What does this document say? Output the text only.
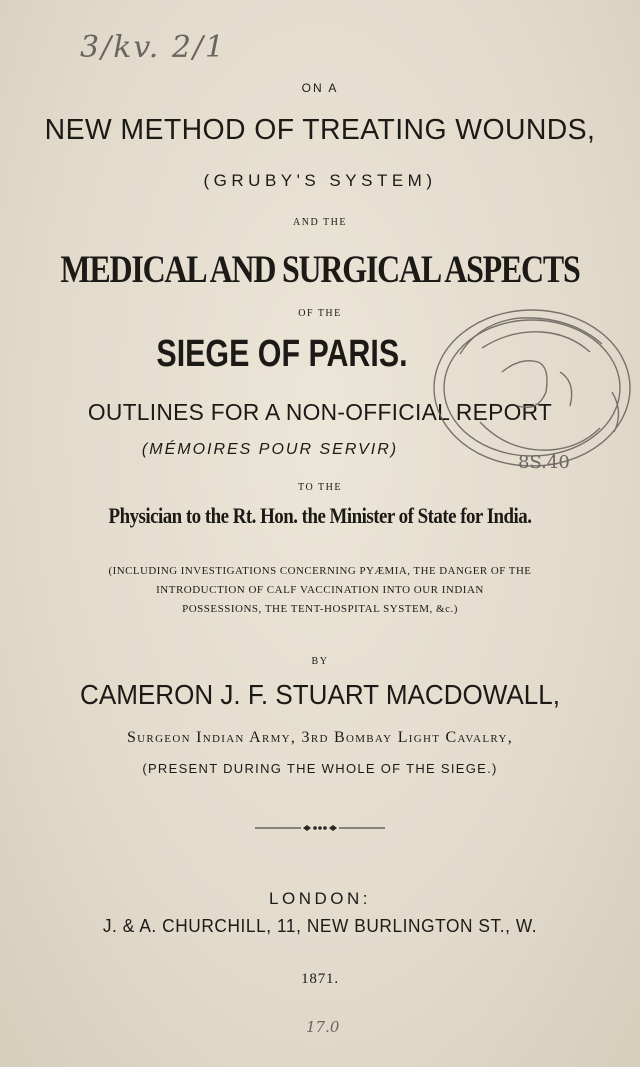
3/kv. 2/1
ON A
NEW METHOD OF TREATING WOUNDS,
(GRUBY'S SYSTEM)
AND THE
MEDICAL AND SURGICAL ASPECTS
OF THE
SIEGE OF PARIS.
OUTLINES FOR A NON-OFFICIAL REPORT
(MÉMOIRES POUR SERVIR)
TO THE
Physician to the Rt. Hon. the Minister of State for India.
(INCLUDING INVESTIGATIONS CONCERNING PYÆMIA, THE DANGER OF THE
INTRODUCTION OF CALF VACCINATION INTO OUR INDIAN
POSSESSIONS, THE TENT-HOSPITAL SYSTEM, &c.)
BY
CAMERON J. F. STUART MACDOWALL,
Surgeon Indian Army, 3rd Bombay Light Cavalry,
(PRESENT DURING THE WHOLE OF THE SIEGE.)
LONDON:
J. & A. CHURCHILL, 11, NEW BURLINGTON ST., W.
1871.
17.0
8S.40
